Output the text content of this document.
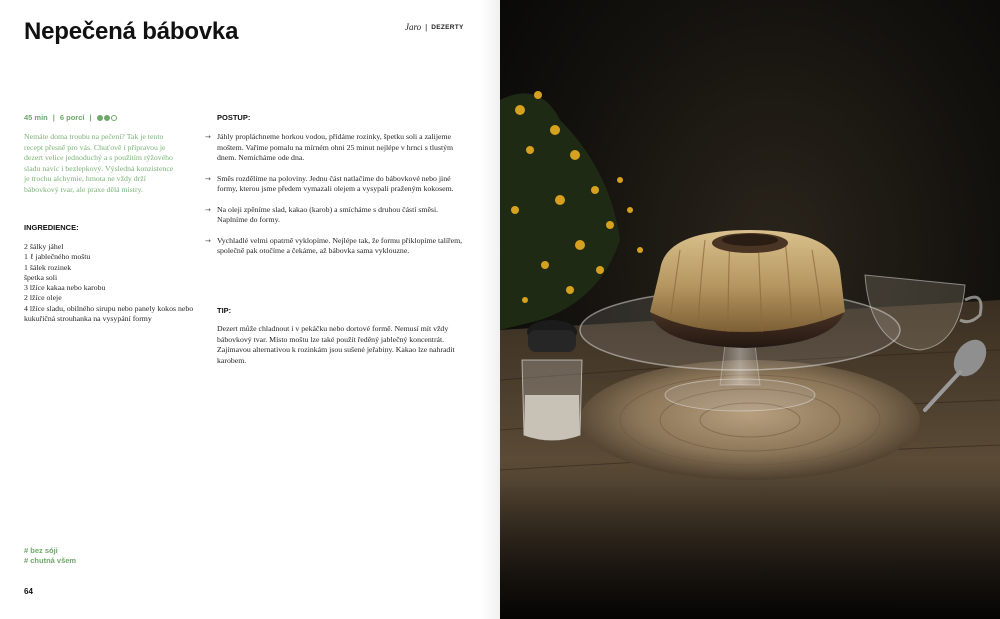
Nepečená bábovka	Jaro | DEZERTY
45 min | 6 porcí |
Nemáte doma troubu na pečení? Tak je tento recept přesně pro vás. Chuťově i přípravou je dezert velice jednoduchý a s použitím rýžového sladu navíc i bezlepkový. Výsledná konzistence je trochu alchymie, hmota ne vždy drží bábovkový tvar, ale praxe dělá mistry.
INGREDIENCE:
2 šálky jáhel
1 ℓ jablečného moštu
1 šálek rozinek
špetka soli
3 lžíce kakaa nebo karobu
2 lžíce oleje
4 lžíce sladu, obilného sirupu nebo panely kokos nebo kukuřičná strouhanka na vysypání formy
POSTUP:
→ Jáhly propláchneme horkou vodou, přidáme rozinky, špetku soli a zalijeme moštem. Vaříme pomalu na mírném ohni 25 minut nejlépe v hrnci s tlustým dnem. Nemícháme ode dna.
→ Směs rozdělíme na poloviny. Jednu část natlačíme do bábovkové nebo jiné formy, kterou jsme předem vymazali olejem a vysypali praženým kokosem.
→ Na oleji zpěníme slad, kakao (karob) a smícháme s druhou částí směsi. Naplníme do formy.
→ Vychladlé velmi opatrně vyklopíme. Nejlépe tak, že formu přiklopíme talířem, společně pak otočíme a čekáme, až bábovka sama vyklouzne.
TIP:
Dezert může chladnout i v pekáčku nebo dortové formě. Nemusí mít vždy bábovkový tvar. Místo moštu lze také použít ředěný jablečný koncentrát. Zajímavou alternativou k rozinkám jsou sušené jeřabiny. Kakao lze nahradit karobem.
# bez sóji
# chutná všem
64
